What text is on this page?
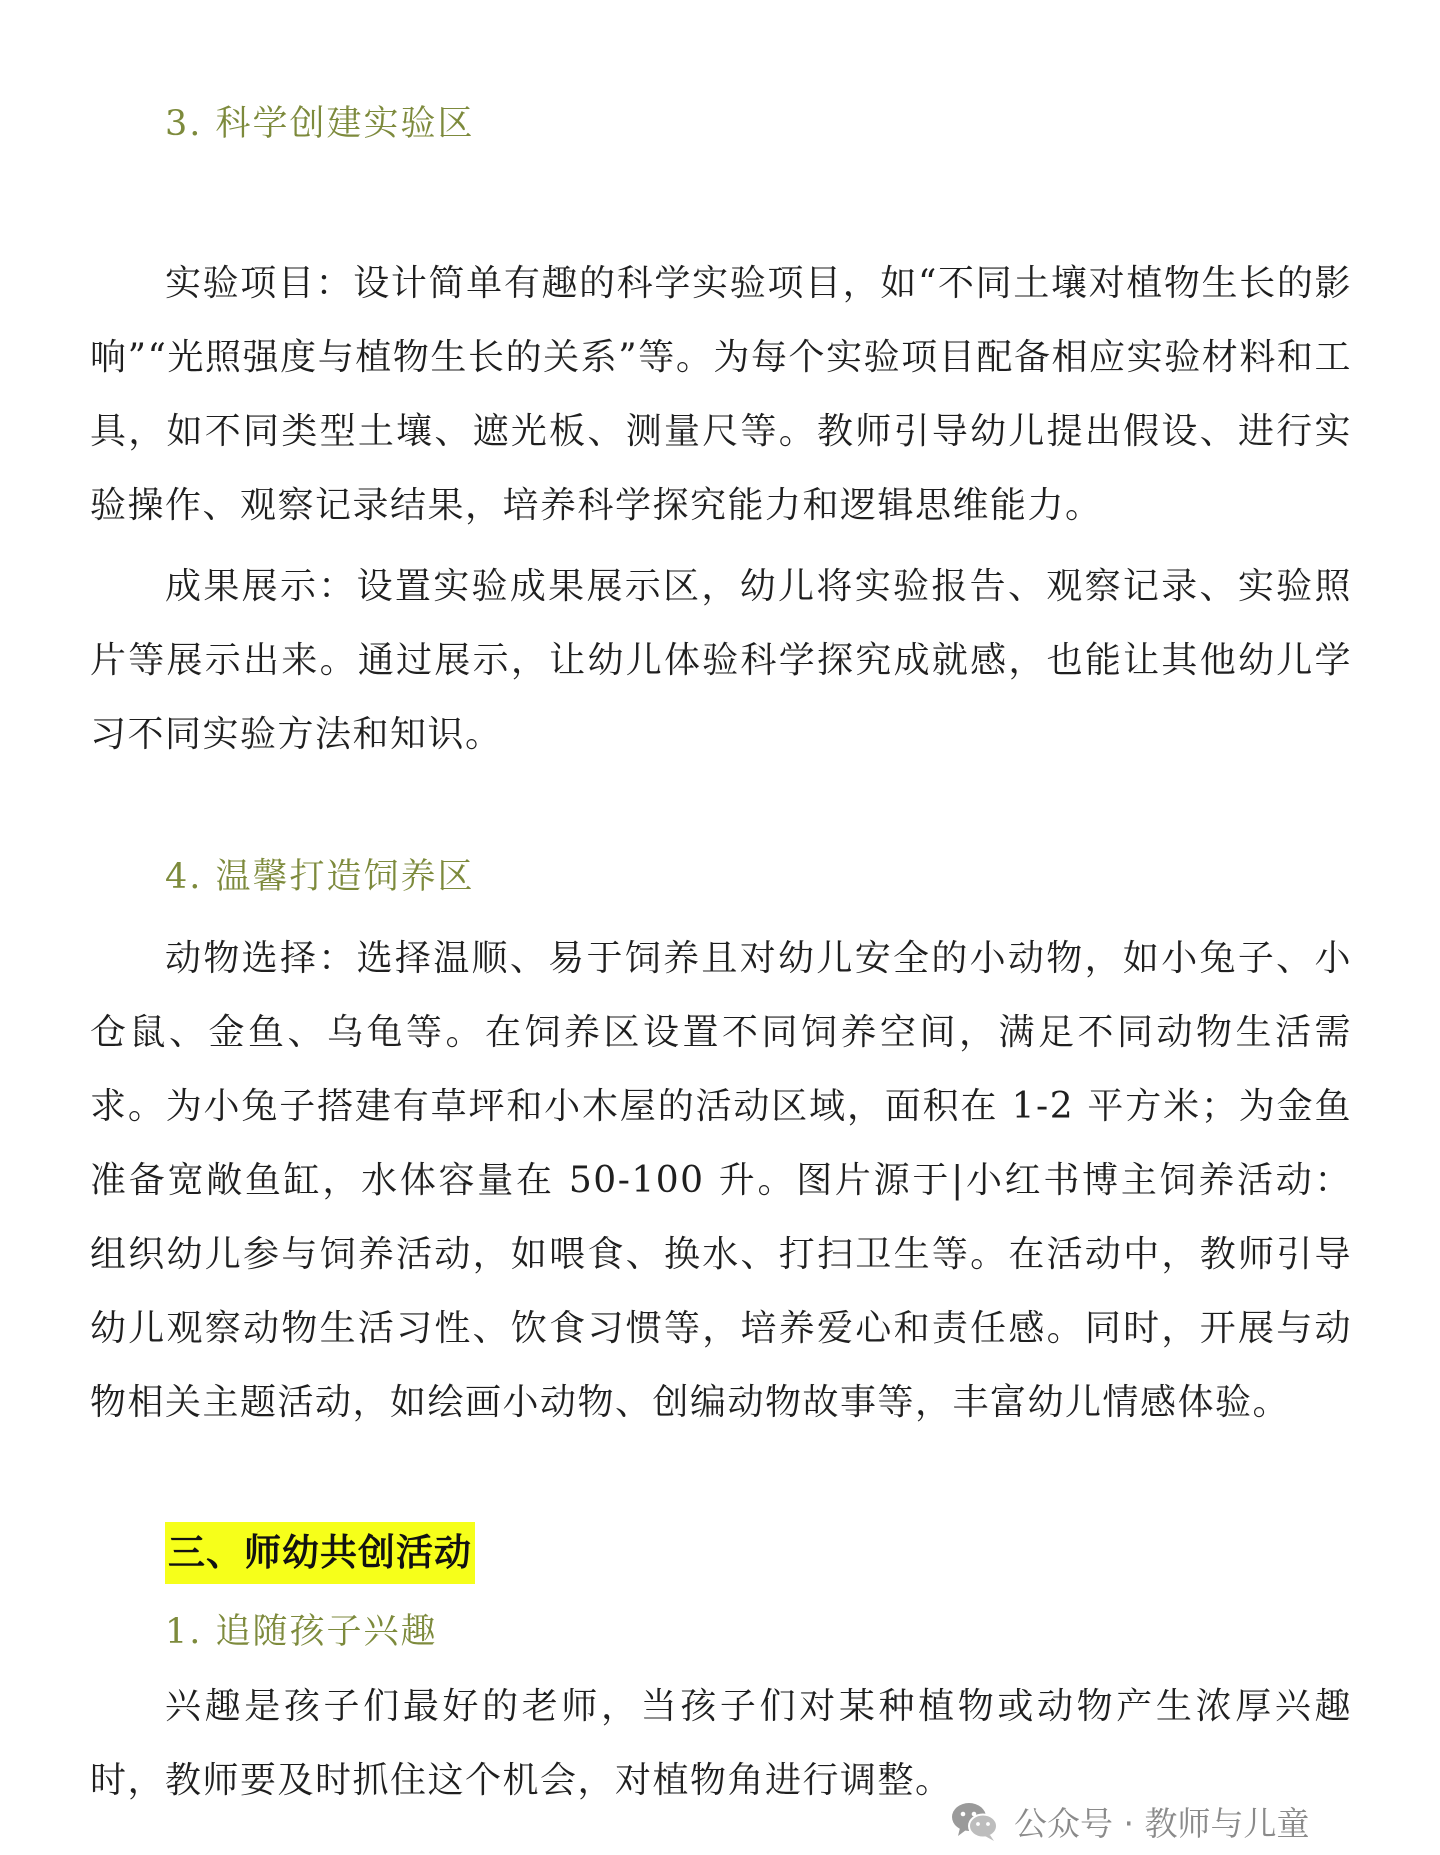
3. 科学创建实验区

实验项目：设计简单有趣的科学实验项目，如“不同土壤对植物生长的影响”“光照强度与植物生长的关系”等。为每个实验项目配备相应实验材料和工具，如不同类型土壤、遮光板、测量尺等。教师引导幼儿提出假设、进行实验操作、观察记录结果，培养科学探究能力和逻辑思维能力。

成果展示：设置实验成果展示区，幼儿将实验报告、观察记录、实验照片等展示出来。通过展示，让幼儿体验科学探究成就感，也能让其他幼儿学习不同实验方法和知识。

4. 温馨打造饲养区

动物选择：选择温顺、易于饲养且对幼儿安全的小动物，如小兔子、小仓鼠、金鱼、乌龟等。在饲养区设置不同饲养空间，满足不同动物生活需求。为小兔子搭建有草坪和小木屋的活动区域，面积在 1-2 平方米；为金鱼准备宽敞鱼缸，水体容量在 50-100 升。图片源于|小红书博主饲养活动：组织幼儿参与饲养活动，如喂食、换水、打扫卫生等。在活动中，教师引导幼儿观察动物生活习性、饮食习惯等，培养爱心和责任感。同时，开展与动物相关主题活动，如绘画小动物、创编动物故事等，丰富幼儿情感体验。

三、师幼共创活动
1. 追随孩子兴趣

兴趣是孩子们最好的老师，当孩子们对某种植物或动物产生浓厚兴趣时，教师要及时抓住这个机会，对植物角进行调整。

公众号 · 教师与儿童
